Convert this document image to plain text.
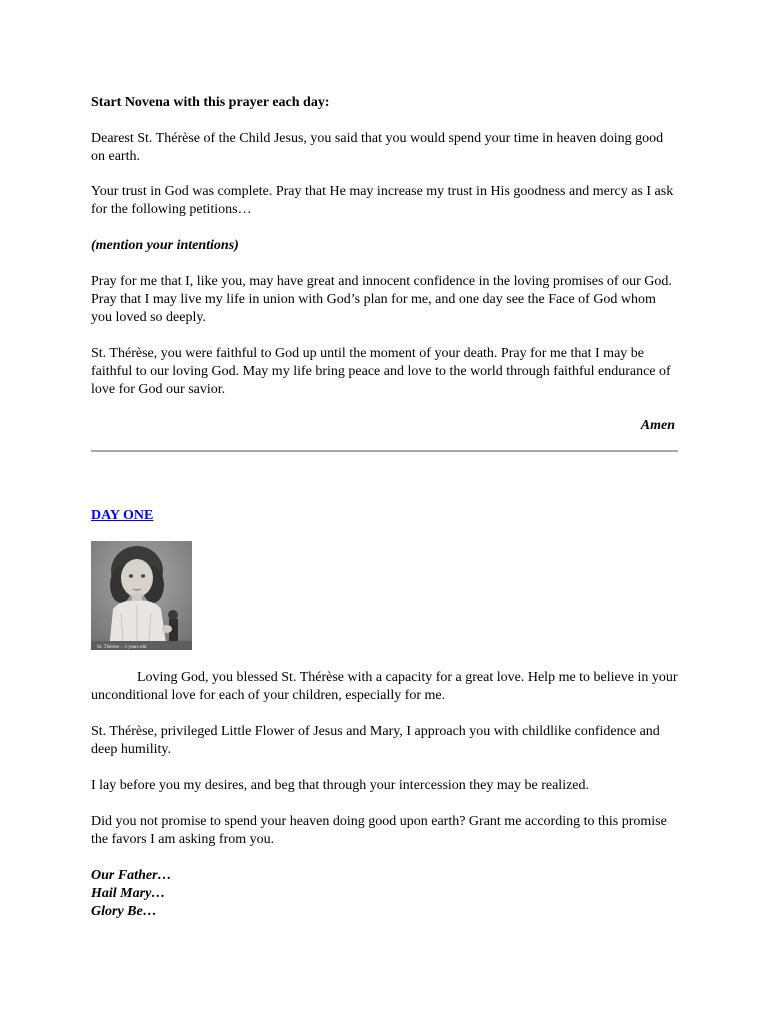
Start Novena with this prayer each day:

Dearest St. Thérèse of the Child Jesus, you said that you would spend your time in heaven doing good on earth.

Your trust in God was complete. Pray that He may increase my trust in His goodness and mercy as I ask for the following petitions…

(mention your intentions)

Pray for me that I, like you, may have great and innocent confidence in the loving promises of our God. Pray that I may live my life in union with God’s plan for me, and one day see the Face of God whom you loved so deeply.

St. Thérèse, you were faithful to God up until the moment of your death. Pray for me that I may be faithful to our loving God. May my life bring peace and love to the world through faithful endurance of love for God our savior.

Amen

DAY ONE

Loving God, you blessed St. Thérèse with a capacity for a great love. Help me to believe in your unconditional love for each of your children, especially for me.

St. Thérèse, privileged Little Flower of Jesus and Mary, I approach you with childlike confidence and deep humility.

I lay before you my desires, and beg that through your intercession they may be realized.

Did you not promise to spend your heaven doing good upon earth? Grant me according to this promise the favors I am asking from you.

Our Father…

Hail Mary…

Glory Be…

St. Thérèse – 3 years old
